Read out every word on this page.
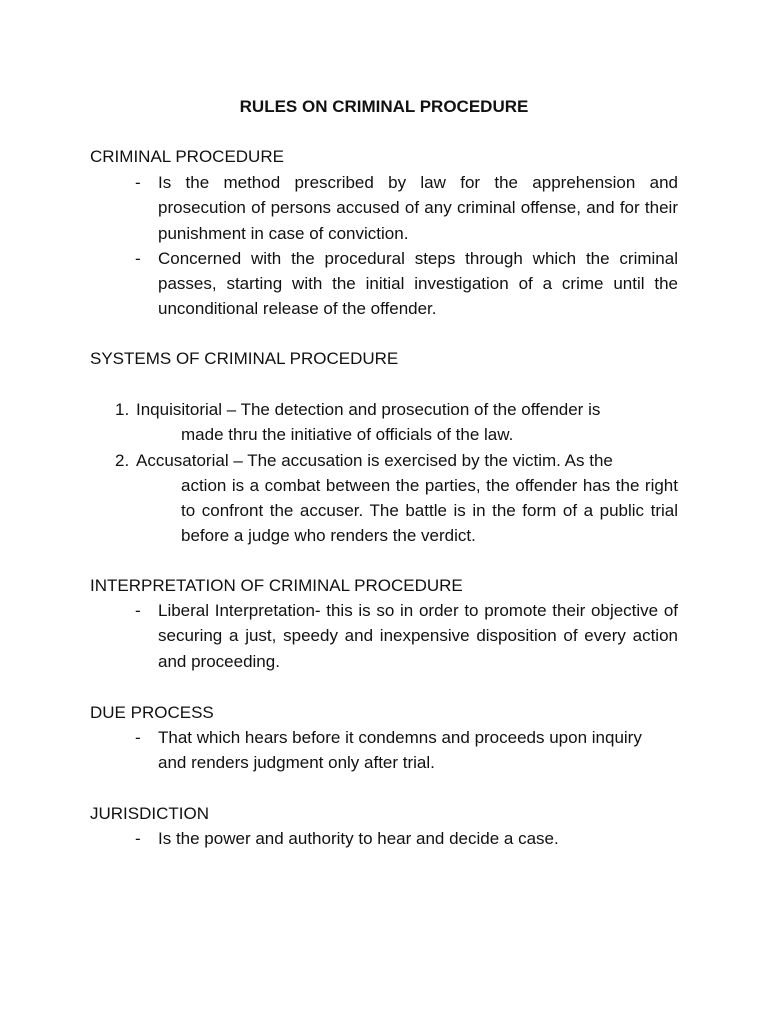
RULES ON CRIMINAL PROCEDURE
CRIMINAL PROCEDURE
- Is the method prescribed by law for the apprehension and prosecution of persons accused of any criminal offense, and for their punishment in case of conviction.
- Concerned with the procedural steps through which the criminal passes, starting with the initial investigation of a crime until the unconditional release of the offender.
SYSTEMS OF CRIMINAL PROCEDURE
1. Inquisitorial – The detection and prosecution of the offender is
made thru the initiative of officials of the law.
2. Accusatorial – The accusation is exercised by the victim. As the
action is a combat between the parties, the offender has the right to confront the accuser. The battle is in the form of a public trial before a judge who renders the verdict.
INTERPRETATION OF CRIMINAL PROCEDURE
- Liberal Interpretation- this is so in order to promote their objective of securing a just, speedy and inexpensive disposition of every action and proceeding.
DUE PROCESS
- That which hears before it condemns and proceeds upon inquiry and renders judgment only after trial.
JURISDICTION
- Is the power and authority to hear and decide a case.
